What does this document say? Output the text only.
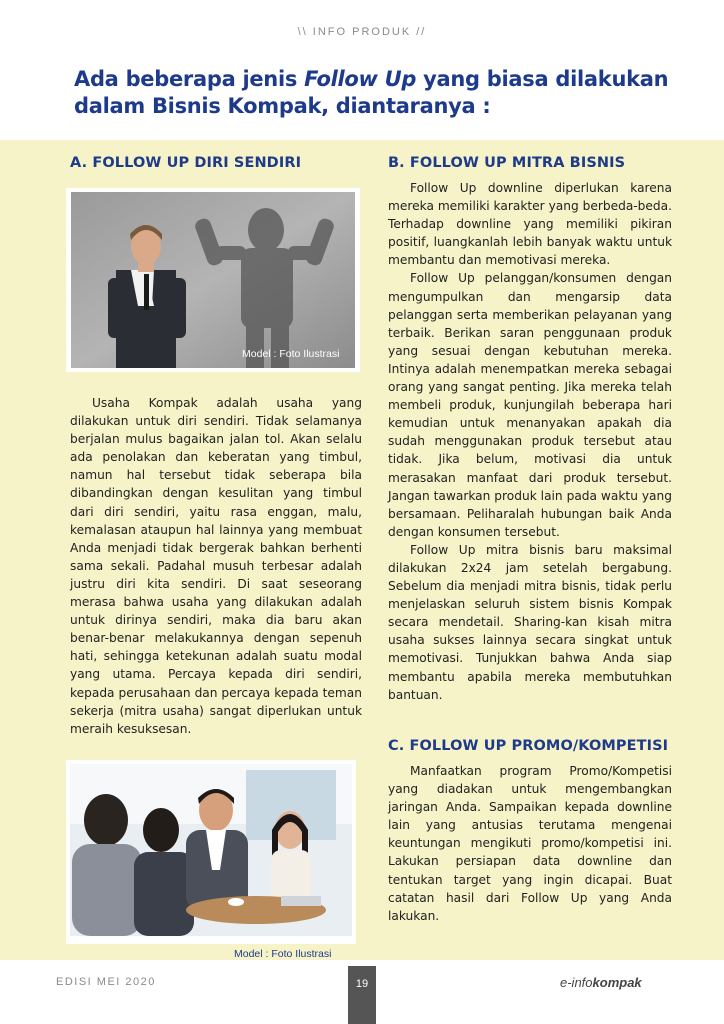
\\ INFO PRODUK //
Ada beberapa jenis Follow Up yang biasa dilakukan dalam Bisnis Kompak, diantaranya :
A. FOLLOW UP DIRI SENDIRI
Model : Foto Ilustrasi

Usaha Kompak adalah usaha yang dilakukan untuk diri sendiri. Tidak selamanya berjalan mulus bagaikan jalan tol. Akan selalu ada penolakan dan keberatan yang timbul, namun hal tersebut tidak seberapa bila dibandingkan dengan kesulitan yang timbul dari diri sendiri, yaitu rasa enggan, malu, kemalasan ataupun hal lainnya yang membuat Anda menjadi tidak bergerak bahkan berhenti sama sekali. Padahal musuh terbesar adalah justru diri kita sendiri. Di saat seseorang merasa bahwa usaha yang dilakukan adalah untuk dirinya sendiri, maka dia baru akan benar-benar melakukannya dengan sepenuh hati, sehingga ketekunan adalah suatu modal yang utama. Percaya kepada diri sendiri, kepada perusahaan dan percaya kepada teman sekerja (mitra usaha) sangat diperlukan untuk meraih kesuksesan.

Model : Foto Ilustrasi
B. FOLLOW UP MITRA BISNIS

Follow Up downline diperlukan karena mereka memiliki karakter yang berbeda-beda. Terhadap downline yang memiliki pikiran positif, luangkanlah lebih banyak waktu untuk membantu dan memotivasi mereka.

Follow Up pelanggan/konsumen dengan mengumpulkan dan mengarsip data pelanggan serta memberikan pelayanan yang terbaik. Berikan saran penggunaan produk yang sesuai dengan kebutuhan mereka. Intinya adalah menempatkan mereka sebagai orang yang sangat penting. Jika mereka telah membeli produk, kunjungilah beberapa hari kemudian untuk menanyakan apakah dia sudah menggunakan produk tersebut atau tidak. Jika belum, motivasi dia untuk merasakan manfaat dari produk tersebut. Jangan tawarkan produk lain pada waktu yang bersamaan. Peliharalah hubungan baik Anda dengan konsumen tersebut.

Follow Up mitra bisnis baru maksimal dilakukan 2x24 jam setelah bergabung. Sebelum dia menjadi mitra bisnis, tidak perlu menjelaskan seluruh sistem bisnis Kompak secara mendetail. Sharing-kan kisah mitra usaha sukses lainnya secara singkat untuk memotivasi. Tunjukkan bahwa Anda siap membantu apabila mereka membutuhkan bantuan.

C. FOLLOW UP PROMO/KOMPETISI

Manfaatkan program Promo/Kompetisi yang diadakan untuk mengembangkan jaringan Anda. Sampaikan kepada downline lain yang antusias terutama mengenai keuntungan mengikuti promo/kompetisi ini. Lakukan persiapan data downline dan tentukan target yang ingin dicapai. Buat catatan hasil dari Follow Up yang Anda lakukan.

EDISI MEI 2020	19	e-infokompak
